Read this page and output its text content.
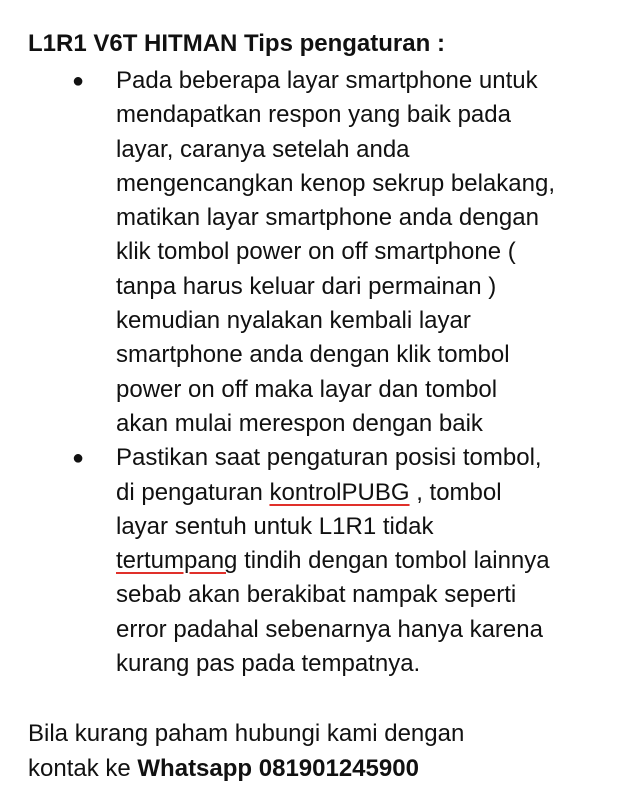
L1R1 V6T HITMAN Tips pengaturan :
● Pada beberapa layar smartphone untuk
mendapatkan respon yang baik pada
layar, caranya setelah anda
mengencangkan kenop sekrup belakang,
matikan layar smartphone anda dengan
klik tombol power on off smartphone (
tanpa harus keluar dari permainan )
kemudian nyalakan kembali layar
smartphone anda dengan klik tombol
power on off maka layar dan tombol
akan mulai merespon dengan baik
● Pastikan saat pengaturan posisi tombol,
di pengaturan kontrolPUBG , tombol
layar sentuh untuk L1R1 tidak
tertumpang tindih dengan tombol lainnya
sebab akan berakibat nampak seperti
error padahal sebenarnya hanya karena
kurang pas pada tempatnya.
Bila kurang paham hubungi kami dengan
kontak ke Whatsapp 081901245900
